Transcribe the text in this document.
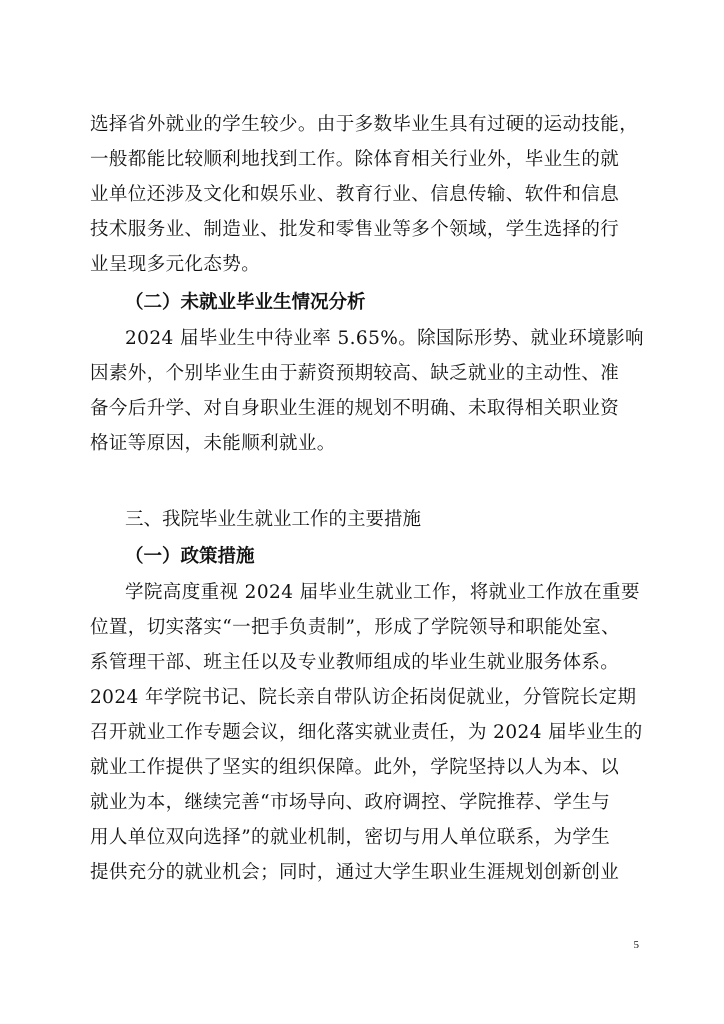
选择省外就业的学生较少。由于多数毕业生具有过硬的运动技能，
一般都能比较顺利地找到工作。除体育相关行业外，毕业生的就
业单位还涉及文化和娱乐业、教育行业、信息传输、软件和信息
技术服务业、制造业、批发和零售业等多个领域，学生选择的行
业呈现多元化态势。
（二）未就业毕业生情况分析
2024 届毕业生中待业率 5.65%。除国际形势、就业环境影响
因素外，个别毕业生由于薪资预期较高、缺乏就业的主动性、准
备今后升学、对自身职业生涯的规划不明确、未取得相关职业资
格证等原因，未能顺利就业。
三、我院毕业生就业工作的主要措施
（一）政策措施
学院高度重视 2024 届毕业生就业工作，将就业工作放在重要
位置，切实落实“一把手负责制”，形成了学院领导和职能处室、
系管理干部、班主任以及专业教师组成的毕业生就业服务体系。
2024 年学院书记、院长亲自带队访企拓岗促就业，分管院长定期
召开就业工作专题会议，细化落实就业责任，为 2024 届毕业生的
就业工作提供了坚实的组织保障。此外，学院坚持以人为本、以
就业为本，继续完善“市场导向、政府调控、学院推荐、学生与
用人单位双向选择”的就业机制，密切与用人单位联系，为学生
提供充分的就业机会；同时，通过大学生职业生涯规划创新创业
5
